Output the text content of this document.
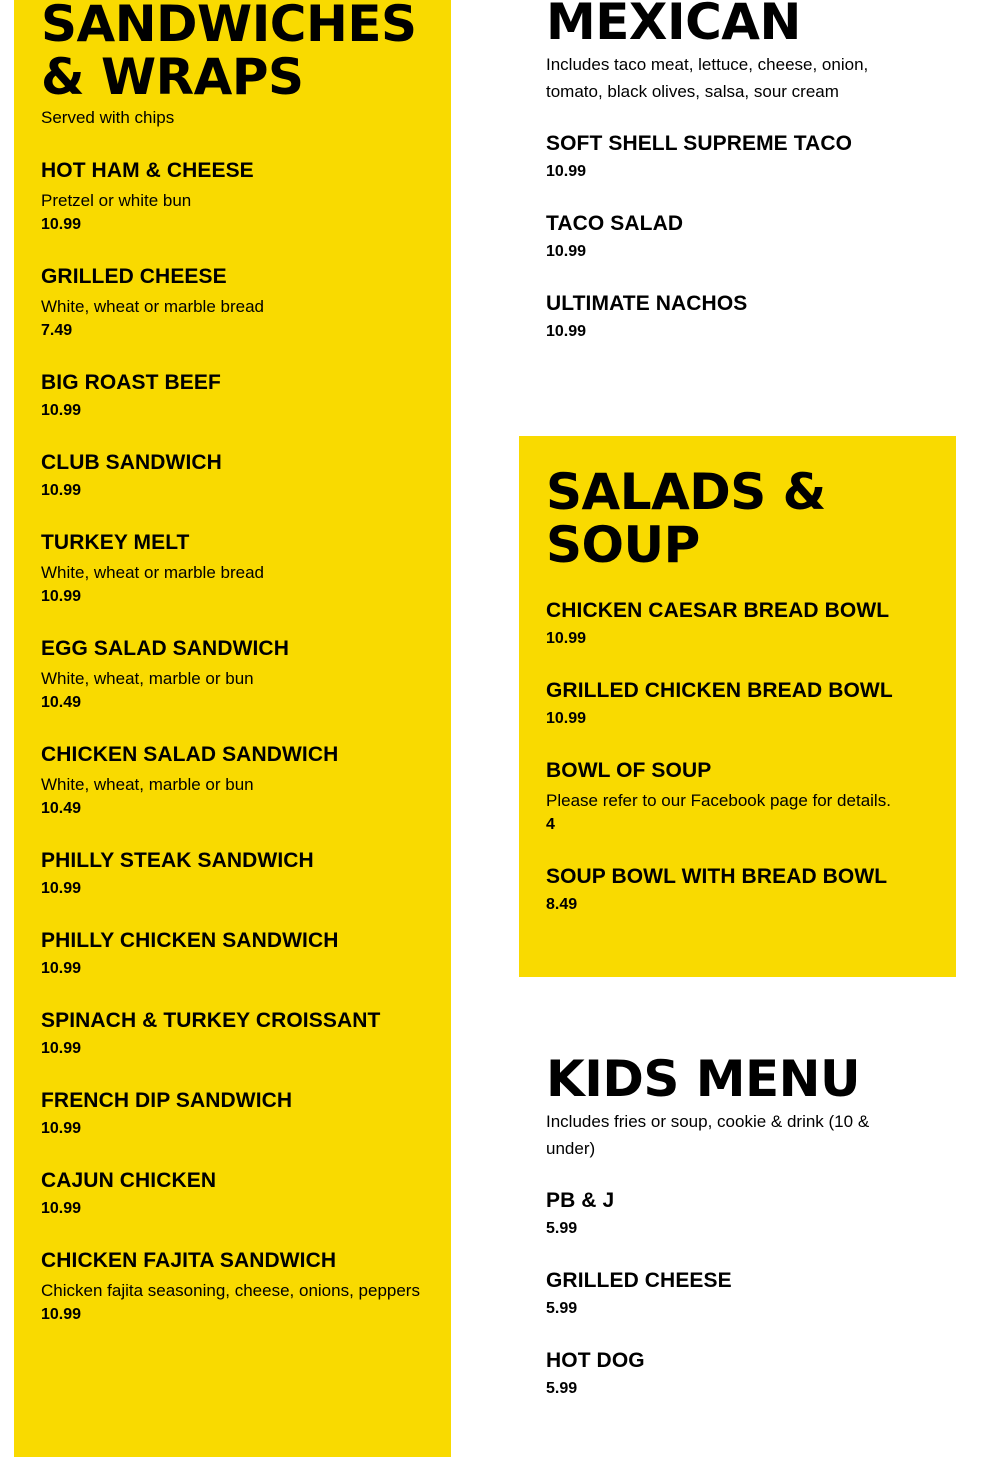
SANDWICHES
& WRAPS
Served with chips
HOT HAM & CHEESE
Pretzel or white bun
10.99
GRILLED CHEESE
White, wheat or marble bread
7.49
BIG ROAST BEEF
10.99
CLUB SANDWICH
10.99
TURKEY MELT
White, wheat or marble bread
10.99
EGG SALAD SANDWICH
White, wheat, marble or bun
10.49
CHICKEN SALAD SANDWICH
White, wheat, marble or bun
10.49
PHILLY STEAK SANDWICH
10.99
PHILLY CHICKEN SANDWICH
10.99
SPINACH & TURKEY CROISSANT
10.99
FRENCH DIP SANDWICH
10.99
CAJUN CHICKEN
10.99
CHICKEN FAJITA SANDWICH
Chicken fajita seasoning, cheese, onions, peppers
10.99
MEXICAN
Includes taco meat, lettuce, cheese, onion, tomato, black olives, salsa, sour cream
SOFT SHELL SUPREME TACO
10.99
TACO SALAD
10.99
ULTIMATE NACHOS
10.99
SALADS &
SOUP
CHICKEN CAESAR BREAD BOWL
10.99
GRILLED CHICKEN BREAD BOWL
10.99
BOWL OF SOUP
Please refer to our Facebook page for details.
4
SOUP BOWL WITH BREAD BOWL
8.49
KIDS MENU
Includes fries or soup, cookie & drink (10 & under)
PB & J
5.99
GRILLED CHEESE
5.99
HOT DOG
5.99
